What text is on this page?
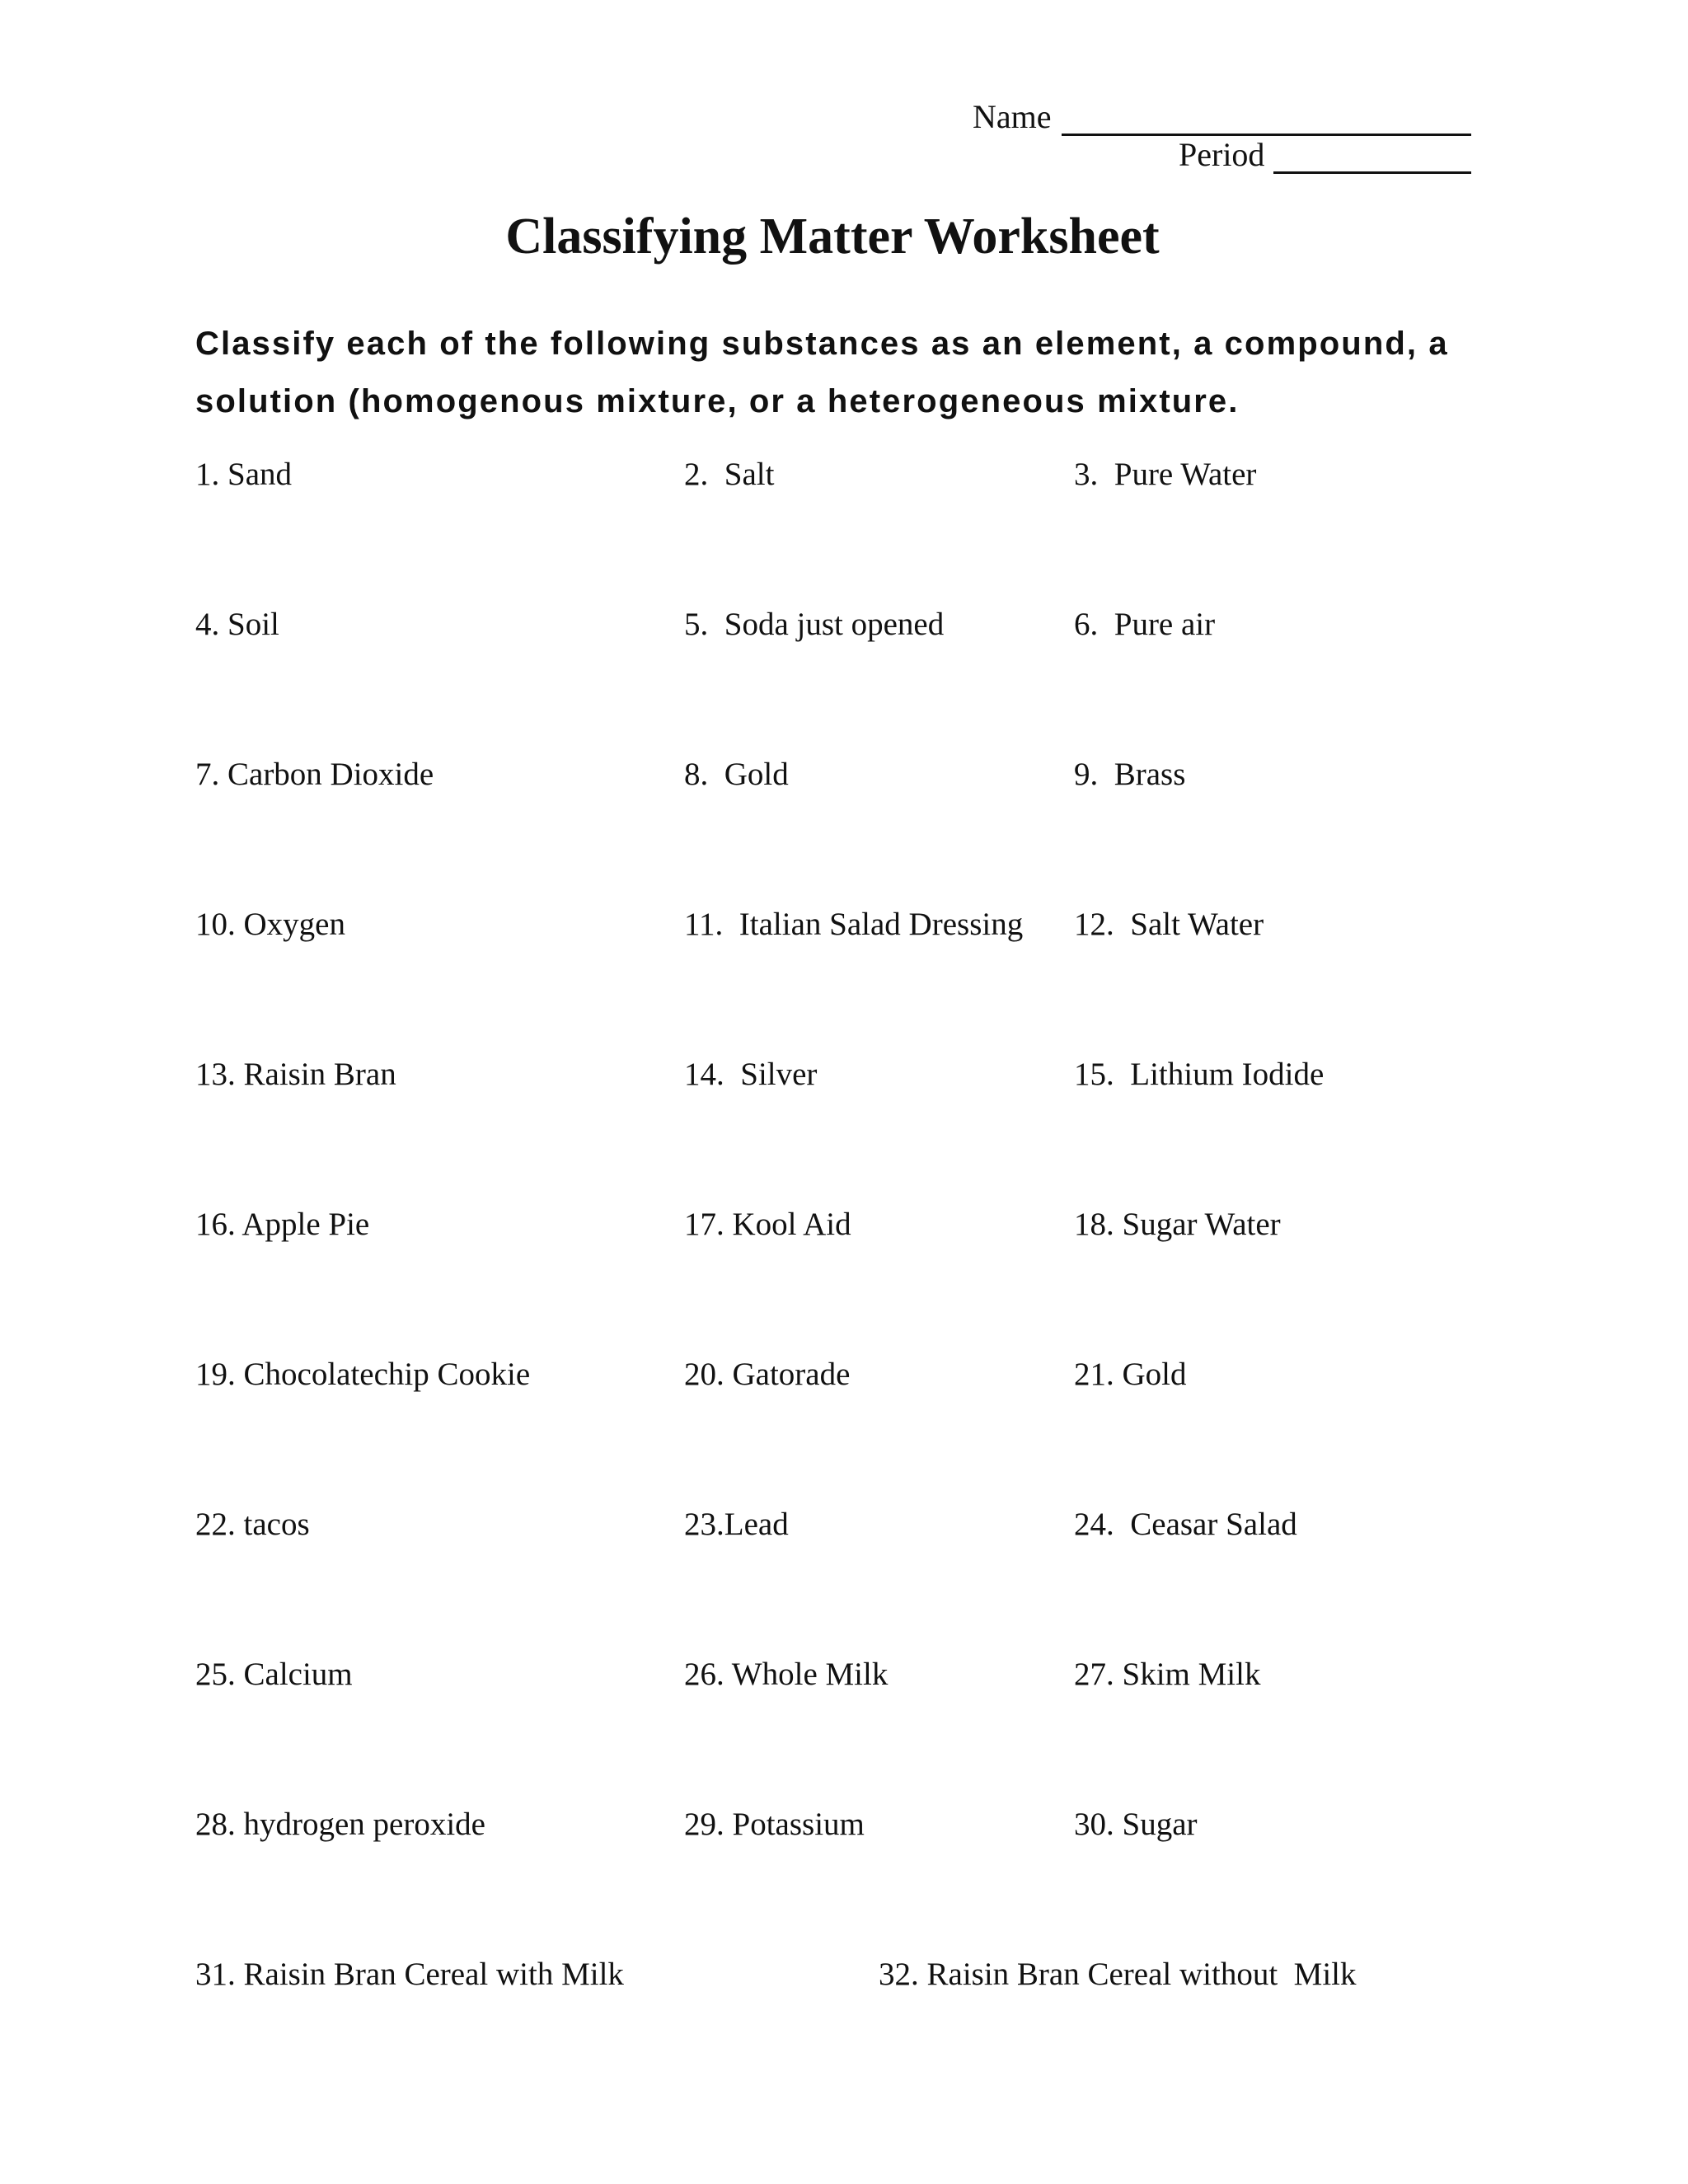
Name
Period
Classifying Matter Worksheet
Classify each of the following substances as an element, a compound, a solution (homogenous mixture, or a heterogeneous mixture.
1. Sand	2.  Salt	3.  Pure Water
4. Soil	5.  Soda just opened	6.  Pure air
7. Carbon Dioxide	8.  Gold	9.  Brass
10. Oxygen	11.  Italian Salad Dressing 12.  Salt Water
13. Raisin Bran	14.  Silver	15.  Lithium Iodide
16. Apple Pie	17. Kool Aid	18. Sugar Water
19. Chocolatechip Cookie	20. Gatorade	21. Gold
22. tacos	23.Lead	24.  Ceasar Salad
25. Calcium	26. Whole Milk	27. Skim Milk
28. hydrogen peroxide	29. Potassium	30. Sugar
31. Raisin Bran Cereal with Milk	32. Raisin Bran Cereal without  Milk
